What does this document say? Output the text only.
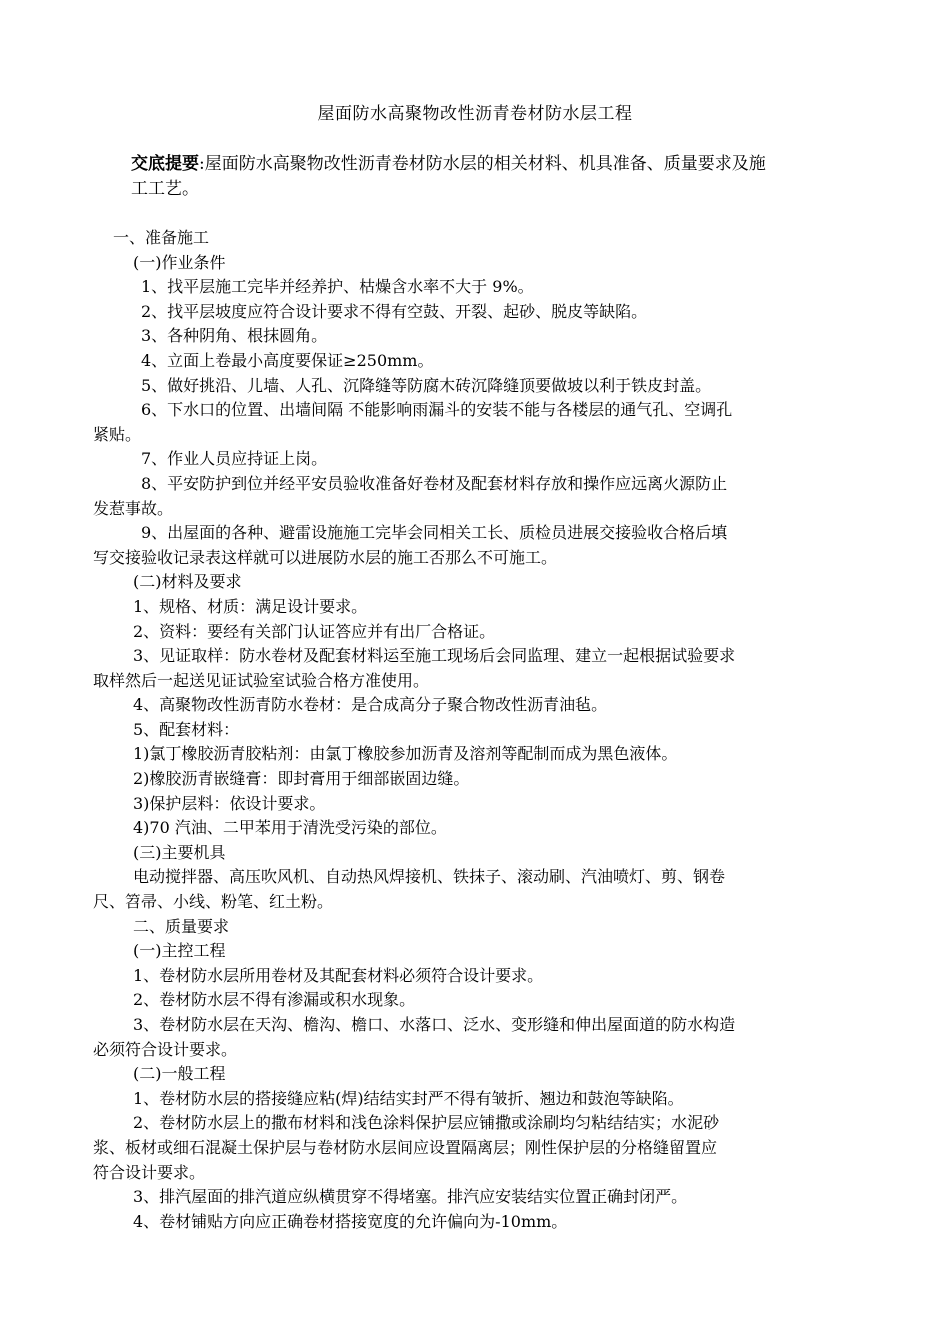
屋面防水高聚物改性沥青卷材防水层工程
交底提要:屋面防水高聚物改性沥青卷材防水层的相关材料、机具准备、质量要求及施
工工艺。
一、准备施工
(一)作业条件
1、找平层施工完毕并经养护、枯燥含水率不大于 9%。
2、找平层坡度应符合设计要求不得有空鼓、开裂、起砂、脱皮等缺陷。
3、各种阴角、根抹圆角。
4、立面上卷最小高度要保证≥250mm。
5、做好挑沿、儿墙、人孔、沉降缝等防腐木砖沉降缝顶要做坡以利于铁皮封盖。
6、下水口的位置、出墙间隔 不能影响雨漏斗的安装不能与各楼层的通气孔、空调孔
紧贴。
7、作业人员应持证上岗。
8、平安防护到位并经平安员验收准备好卷材及配套材料存放和操作应远离火源防止
发惹事故。
9、出屋面的各种、避雷设施施工完毕会同相关工长、质检员进展交接验收合格后填
写交接验收记录表这样就可以进展防水层的施工否那么不可施工。
(二)材料及要求
1、规格、材质：满足设计要求。
2、资料：要经有关部门认证答应并有出厂合格证。
3、见证取样：防水卷材及配套材料运至施工现场后会同监理、建立一起根据试验要求
取样然后一起送见证试验室试验合格方准使用。
4、高聚物改性沥青防水卷材：是合成高分子聚合物改性沥青油毡。
5、配套材料：
1)氯丁橡胶沥青胶粘剂：由氯丁橡胶参加沥青及溶剂等配制而成为黑色液体。
2)橡胶沥青嵌缝膏：即封膏用于细部嵌固边缝。
3)保护层料：依设计要求。
4)70 汽油、二甲苯用于清洗受污染的部位。
(三)主要机具
电动搅拌器、高压吹风机、自动热风焊接机、铁抹子、滚动刷、汽油喷灯、剪、钢卷
尺、笤帚、小线、粉笔、红土粉。
二、质量要求
(一)主控工程
1、卷材防水层所用卷材及其配套材料必须符合设计要求。
2、卷材防水层不得有渗漏或积水现象。
3、卷材防水层在天沟、檐沟、檐口、水落口、泛水、变形缝和伸出屋面道的防水构造
必须符合设计要求。
(二)一般工程
1、卷材防水层的搭接缝应粘(焊)结结实封严不得有皱折、翘边和鼓泡等缺陷。
2、卷材防水层上的撒布材料和浅色涂料保护层应铺撒或涂刷均匀粘结结实；水泥砂
浆、板材或细石混凝土保护层与卷材防水层间应设置隔离层；刚性保护层的分格缝留置应
符合设计要求。
3、排汽屋面的排汽道应纵横贯穿不得堵塞。排汽应安装结实位置正确封闭严。
4、卷材铺贴方向应正确卷材搭接宽度的允许偏向为-10mm。
